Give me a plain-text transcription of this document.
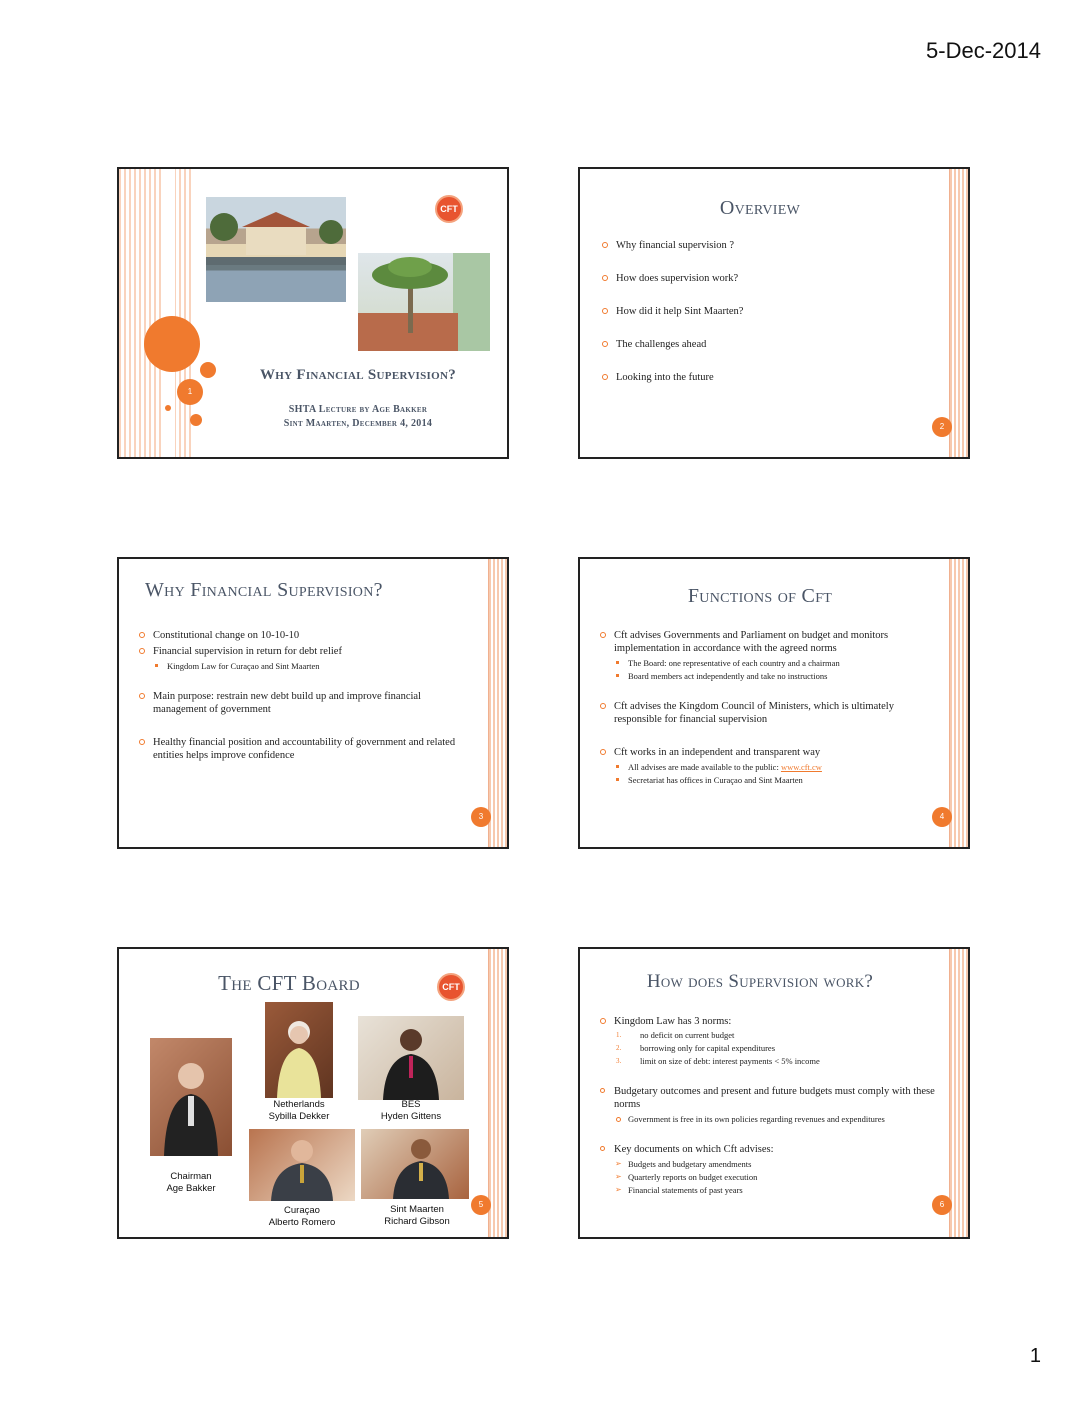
5-Dec-2014
1
CFT
Why Financial Supervision?
SHTA Lecture by Age Bakker
Sint Maarten, December 4, 2014
Overview
Why financial supervision ?
How does supervision work?
How did it help Sint Maarten?
The challenges ahead
Looking into the future
2
Why Financial Supervision?
Constitutional change on 10-10-10
Financial supervision in return for debt relief
Kingdom Law for Curaçao and Sint Maarten
Main purpose: restrain new debt build up and improve financial management of government
Healthy financial position and accountability of government and related entities helps improve confidence
3
Functions of Cft
Cft advises Governments and Parliament on budget and monitors implementation in accordance with the agreed norms
The Board: one representative of each country and a chairman
Board members act independently and take no instructions
Cft advises the Kingdom Council of Ministers, which is ultimately responsible for financial supervision
Cft works in an independent and transparent way
All advises are made available to the public: www.cft.cw
Secretariat has offices in Curaçao and Sint Maarten
4
The CFT Board	CFT
Chairman
Age Bakker
Netherlands
Sybilla Dekker
BES
Hyden Gittens
Curaçao
Alberto Romero
Sint Maarten
Richard Gibson
5
How does Supervision work?
Kingdom Law has 3 norms:
1. no deficit on current budget
2. borrowing only for capital expenditures
3. limit on size of debt: interest payments < 5% income
Budgetary outcomes and present and future budgets must comply with these norms
Government is free in its own policies regarding revenues and expenditures
Key documents on which Cft advises:
➢ Budgets and budgetary amendments
➢ Quarterly reports on budget execution
➢ Financial statements of past years
6
1
